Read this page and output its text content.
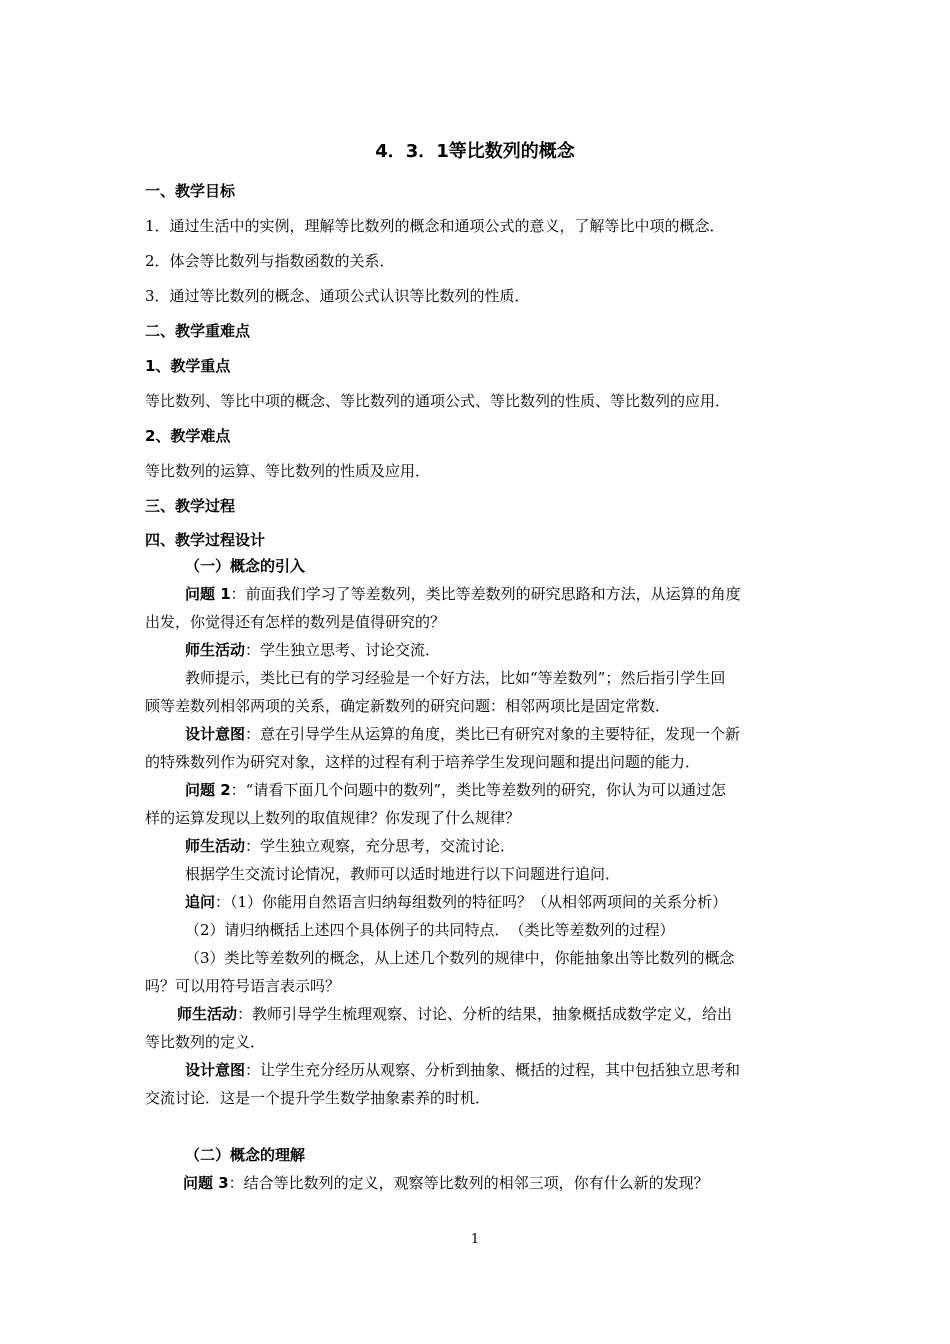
4．3．1等比数列的概念
一、教学目标
1．通过生活中的实例，理解等比数列的概念和通项公式的意义，了解等比中项的概念．
2．体会等比数列与指数函数的关系．
3．通过等比数列的概念、通项公式认识等比数列的性质．
二、教学重难点
1、教学重点
等比数列、等比中项的概念、等比数列的通项公式、等比数列的性质、等比数列的应用．
2、教学难点
等比数列的运算、等比数列的性质及应用．
三、教学过程
四、教学过程设计
（一）概念的引入
问题 1：前面我们学习了等差数列，类比等差数列的研究思路和方法，从运算的角度
出发，你觉得还有怎样的数列是值得研究的？
师生活动：学生独立思考、讨论交流．
教师提示，类比已有的学习经验是一个好方法，比如“等差数列”；然后指引学生回
顾等差数列相邻两项的关系，确定新数列的研究问题：相邻两项比是固定常数．
设计意图：意在引导学生从运算的角度，类比已有研究对象的主要特征，发现一个新
的特殊数列作为研究对象，这样的过程有利于培养学生发现问题和提出问题的能力．
问题 2：“请看下面几个问题中的数列”，类比等差数列的研究，你认为可以通过怎
样的运算发现以上数列的取值规律？你发现了什么规律？
师生活动：学生独立观察，充分思考，交流讨论．
根据学生交流讨论情况，教师可以适时地进行以下问题进行追问．
追问：（1）你能用自然语言归纳每组数列的特征吗？（从相邻两项间的关系分析）
（2）请归纳概括上述四个具体例子的共同特点．　（类比等差数列的过程）
（3）类比等差数列的概念，从上述几个数列的规律中，你能抽象出等比数列的概念
吗？可以用符号语言表示吗？
师生活动：教师引导学生梳理观察、讨论、分析的结果，抽象概括成数学定义，给出
等比数列的定义．
设计意图：让学生充分经历从观察、分析到抽象、概括的过程，其中包括独立思考和
交流讨论．这是一个提升学生数学抽象素养的时机．
（二）概念的理解
问题 3：结合等比数列的定义，观察等比数列的相邻三项，你有什么新的发现？
1
